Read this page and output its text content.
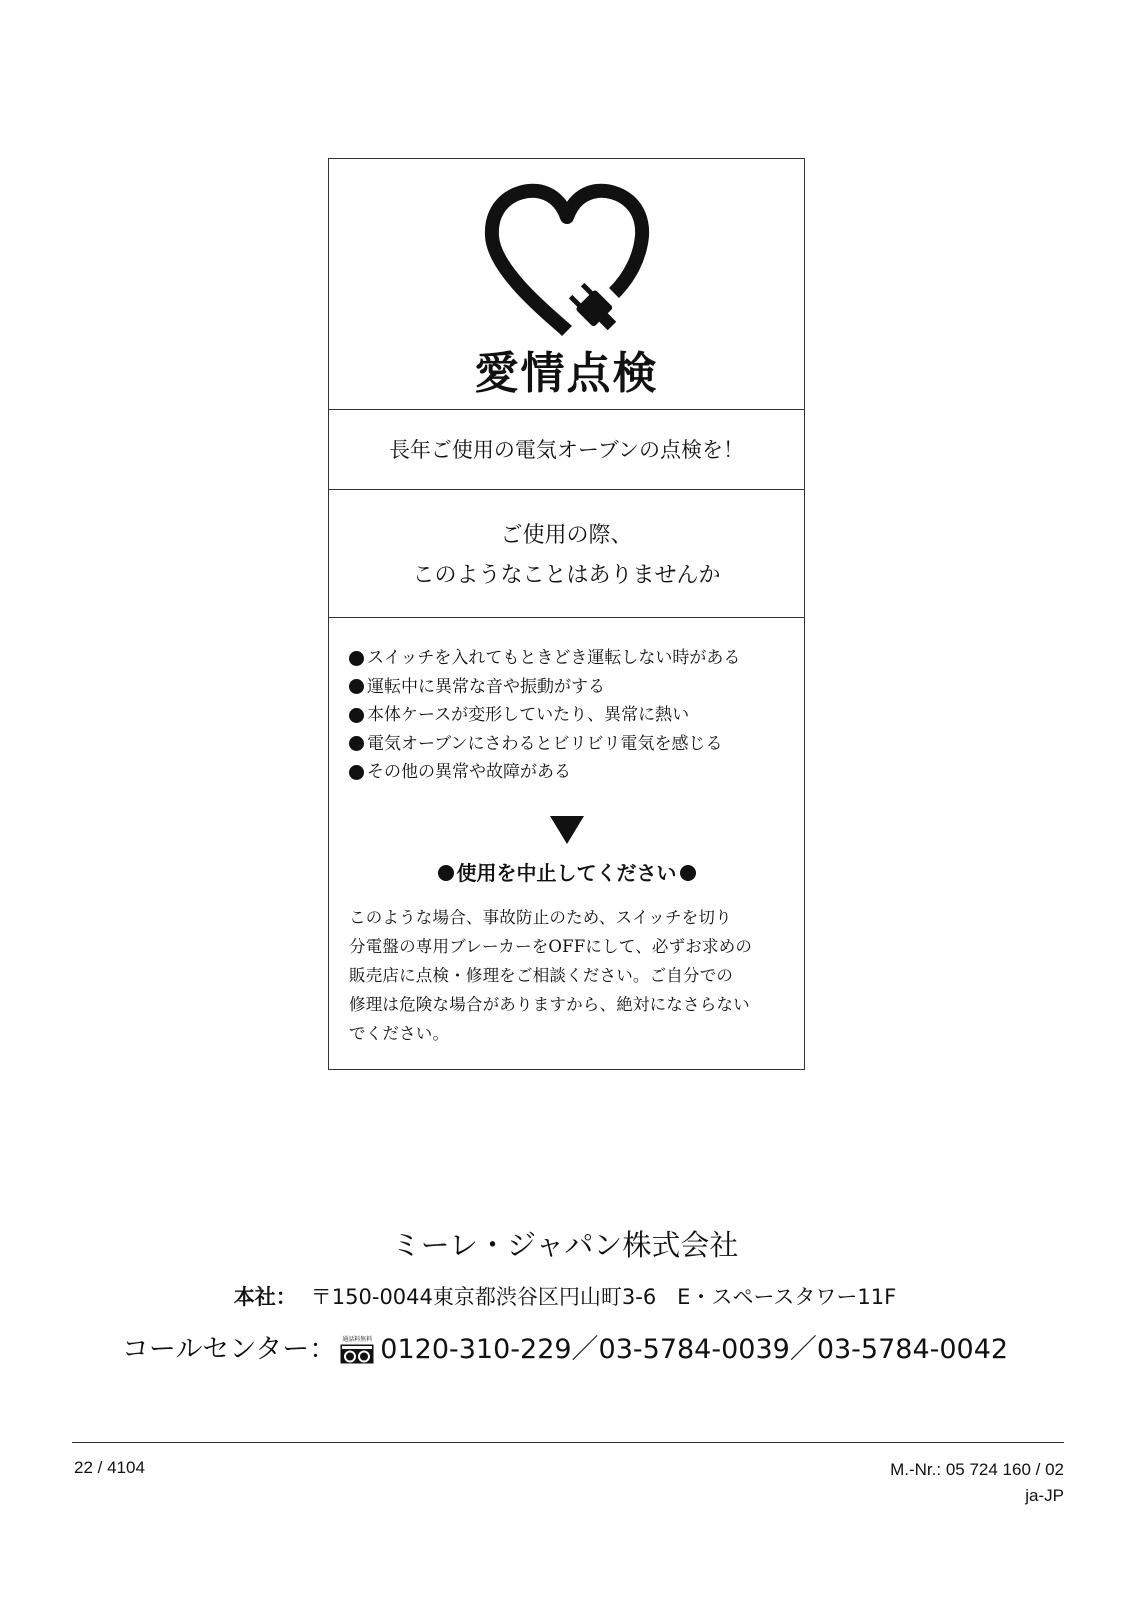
愛情点検
長年ご使用の電気オーブンの点検を！
ご使用の際、
このようなことはありませんか
スイッチを入れてもときどき運転しない時がある
運転中に異常な音や振動がする
本体ケースが変形していたり、異常に熱い
電気オーブンにさわるとビリビリ電気を感じる
その他の異常や故障がある
使用を中止してください
このような場合、事故防止のため、スイッチを切り
分電盤の専用ブレーカーをOFFにして、必ずお求めの
販売店に点検・修理をご相談ください。ご自分での
修理は危険な場合がありますから、絶対になさらない
でください。
ミーレ・ジャパン株式会社
本社： 〒150-0044東京都渋谷区円山町3-6　E・スペースタワー11F
コールセンター： 通話料無料 0120-310-229／03-5784-0039／03-5784-0042
22 / 4104	M.-Nr.: 05 724 160 / 02
ja-JP
